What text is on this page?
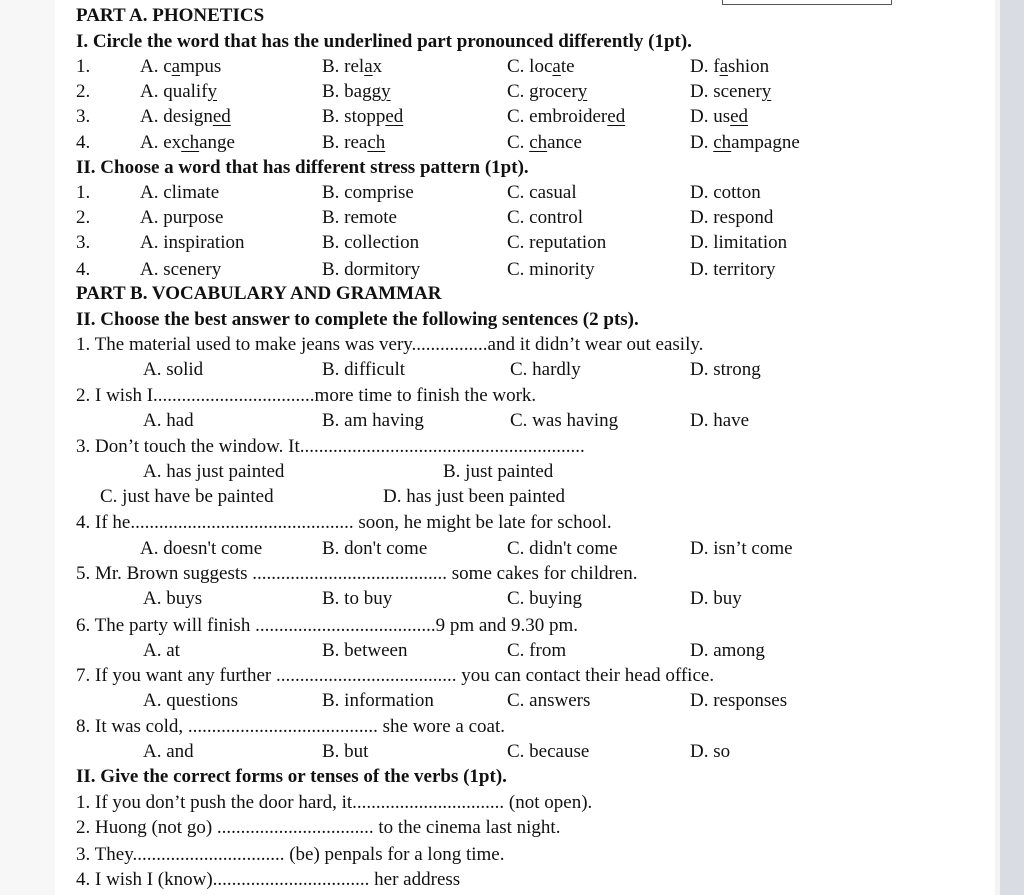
PART A. PHONETICS
I. Circle the word that has the underlined part pronounced differently (1pt).
1.	A. campus	B. relax	C. locate	D. fashion
2.	A. qualify	B. baggy	C. grocery	D. scenery
3.	A. designed	B. stopped	C. embroidered	D. used
4.	A. exchange	B. reach	C. chance	D. champagne
II. Choose a word that has different stress pattern (1pt).
1.	A. climate	B. comprise	C. casual	D. cotton
2.	A. purpose	B. remote	C. control	D. respond
3.	A. inspiration	B. collection	C. reputation	D. limitation
4.	A. scenery	B. dormitory	C. minority	D. territory
PART B. VOCABULARY AND GRAMMAR
II. Choose the best answer to complete the following sentences (2 pts).
1. The material used to make jeans was very................and it didn’t wear out easily.
A. solid	B. difficult	C. hardly	D. strong
2. I wish I..................................more time to finish the work.
A. had	B. am having	C. was having	D. have
3. Don’t touch the window. It............................................................
A. has just painted	B. just painted
C. just have be painted	D. has just been painted
4. If he............................................... soon, he might be late for school.
A. doesn't come	B. don't come	C. didn't come	D. isn’t come
5. Mr. Brown suggests ......................................... some cakes for children.
A. buys	B. to buy	C. buying	D. buy
6. The party will finish ......................................9 pm and 9.30 pm.
A. at	B. between	C. from	D. among
7. If you want any further ...................................... you can contact their head office.
A. questions	B. information	C. answers	D. responses
8. It was cold, ........................................ she wore a coat.
A. and	B. but	C. because	D. so
II. Give the correct forms or tenses of the verbs (1pt).
1. If you don’t push the door hard, it................................ (not open).
2. Huong (not go) ................................. to the cinema last night.
3. They................................ (be) penpals for a long time.
4. I wish I (know)................................. her address
